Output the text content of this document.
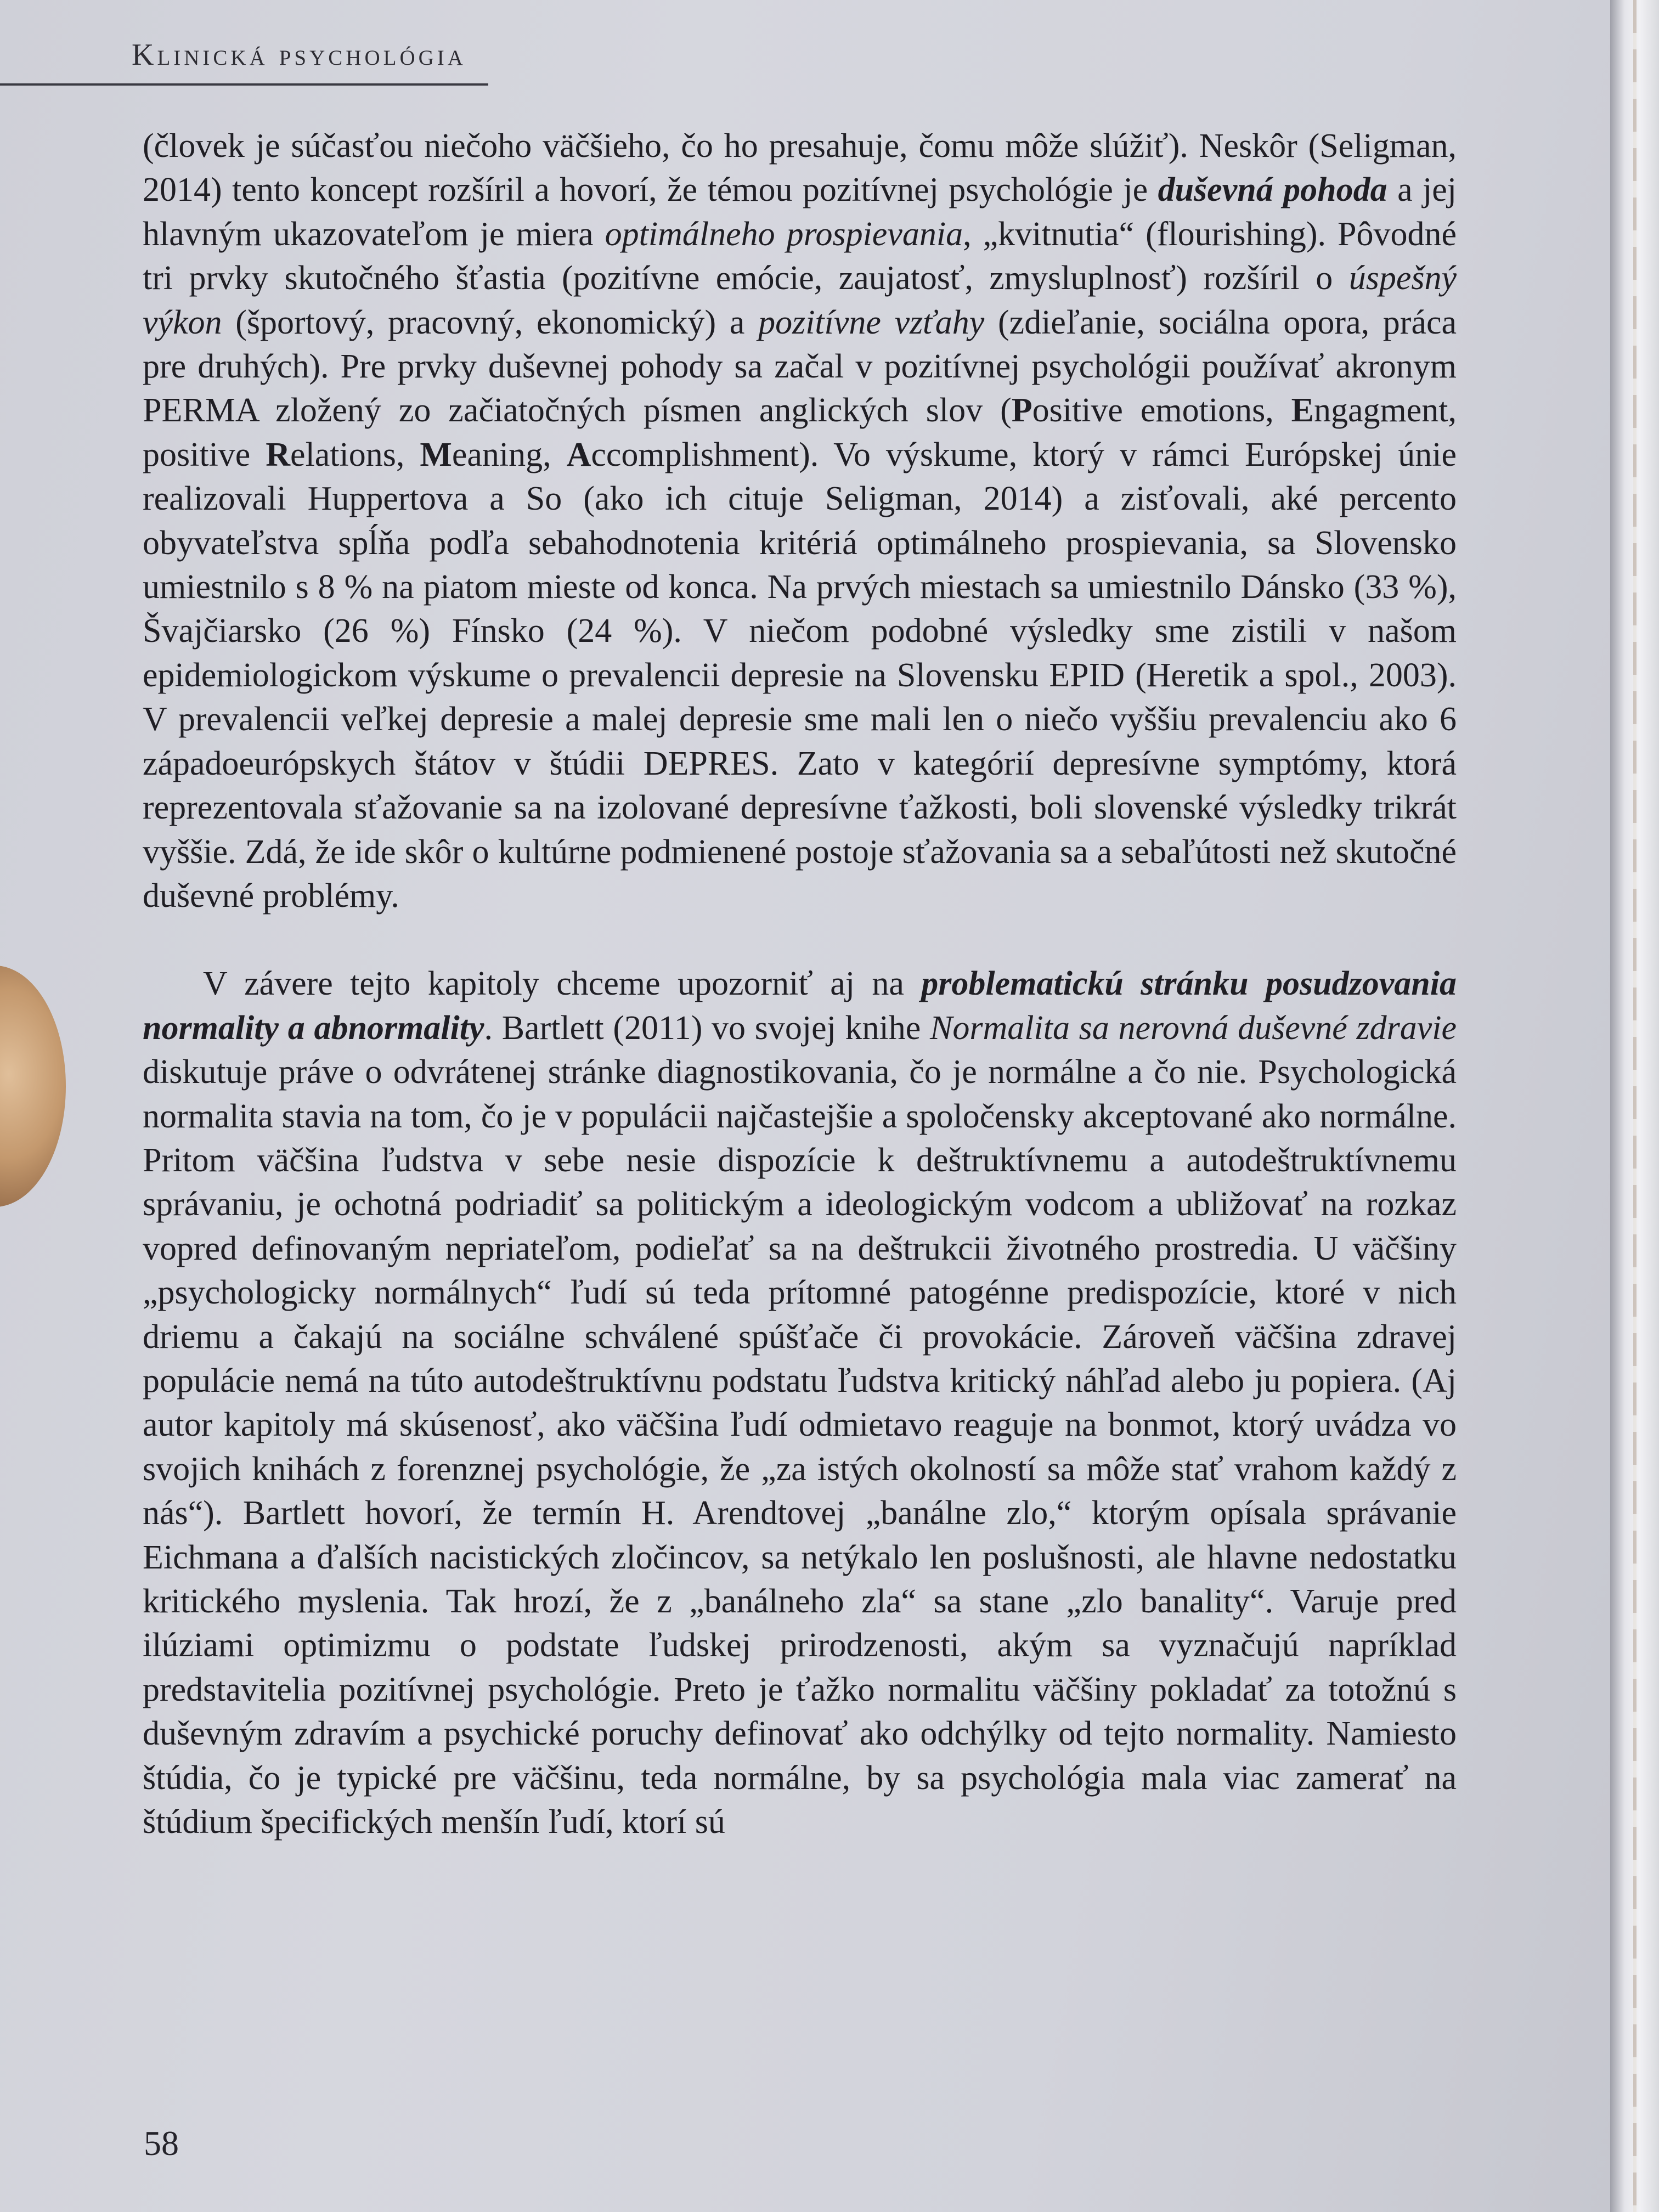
Klinická psychológia

(človek je súčasťou niečoho väčšieho, čo ho presahuje, čomu môže slúžiť). Neskôr (Seligman, 2014) tento koncept rozšíril a hovorí, že témou pozitívnej psychológie je duševná pohoda a jej hlavným ukazovateľom je miera optimálneho prospievania, „kvitnutia“ (flourishing). Pôvodné tri prvky skutočného šťastia (pozitívne emócie, zaujatosť, zmysluplnosť) rozšíril o úspešný výkon (športový, pracovný, ekonomický) a pozitívne vzťahy (zdieľanie, sociálna opora, práca pre druhých). Pre prvky duševnej pohody sa začal v pozitívnej psychológii používať akronym PERMA zložený zo začiatočných písmen anglických slov (Positive emotions, Engagment, positive Relations, Meaning, Accomplishment). Vo výskume, ktorý v rámci Európskej únie realizovali Huppertova a So (ako ich cituje Seligman, 2014) a zisťovali, aké percento obyvateľstva spĺňa podľa sebahodnotenia kritériá optimálneho prospievania, sa Slovensko umiestnilo s 8 % na piatom mieste od konca. Na prvých miestach sa umiestnilo Dánsko (33 %), Švajčiarsko (26 %) Fínsko (24 %). V niečom podobné výsledky sme zistili v našom epidemiologickom výskume o prevalencii depresie na Slovensku EPID (Heretik a spol., 2003). V prevalencii veľkej depresie a malej depresie sme mali len o niečo vyššiu prevalenciu ako 6 západoeurópskych štátov v štúdii DEPRES. Zato v kategórií depresívne symptómy, ktorá reprezentovala sťažovanie sa na izolované depresívne ťažkosti, boli slovenské výsledky trikrát vyššie. Zdá, že ide skôr o kultúrne podmienené postoje sťažovania sa a sebaľútosti než skutočné duševné problémy.

V závere tejto kapitoly chceme upozorniť aj na problematickú stránku posudzovania normality a abnormality. Bartlett (2011) vo svojej knihe Normalita sa nerovná duševné zdravie diskutuje práve o odvrátenej stránke diagnostikovania, čo je normálne a čo nie. Psychologická normalita stavia na tom, čo je v populácii najčastejšie a spoločensky akceptované ako normálne. Pritom väčšina ľudstva v sebe nesie dispozície k deštruktívnemu a autodeštruktívnemu správaniu, je ochotná podriadiť sa politickým a ideologickým vodcom a ubližovať na rozkaz vopred definovaným nepriateľom, podieľať sa na deštrukcii životného prostredia. U väčšiny „psychologicky normálnych“ ľudí sú teda prítomné patogénne predispozície, ktoré v nich driemu a čakajú na sociálne schválené spúšťače či provokácie. Zároveň väčšina zdravej populácie nemá na túto autodeštruktívnu podstatu ľudstva kritický náhľad alebo ju popiera. (Aj autor kapitoly má skúsenosť, ako väčšina ľudí odmietavo reaguje na bonmot, ktorý uvádza vo svojich knihách z forenznej psychológie, že „za istých okolností sa môže stať vrahom každý z nás“). Bartlett hovorí, že termín H. Arendtovej „banálne zlo,“ ktorým opísala správanie Eichmana a ďalších nacistických zločincov, sa netýkalo len poslušnosti, ale hlavne nedostatku kritického myslenia. Tak hrozí, že z „banálneho zla“ sa stane „zlo banality“. Varuje pred ilúziami optimizmu o podstate ľudskej prirodzenosti, akým sa vyznačujú napríklad predstavitelia pozitívnej psychológie. Preto je ťažko normalitu väčšiny pokladať za totožnú s duševným zdravím a psychické poruchy definovať ako odchýlky od tejto normality. Namiesto štúdia, čo je typické pre väčšinu, teda normálne, by sa psychológia mala viac zamerať na štúdium špecifických menšín ľudí, ktorí sú

58
